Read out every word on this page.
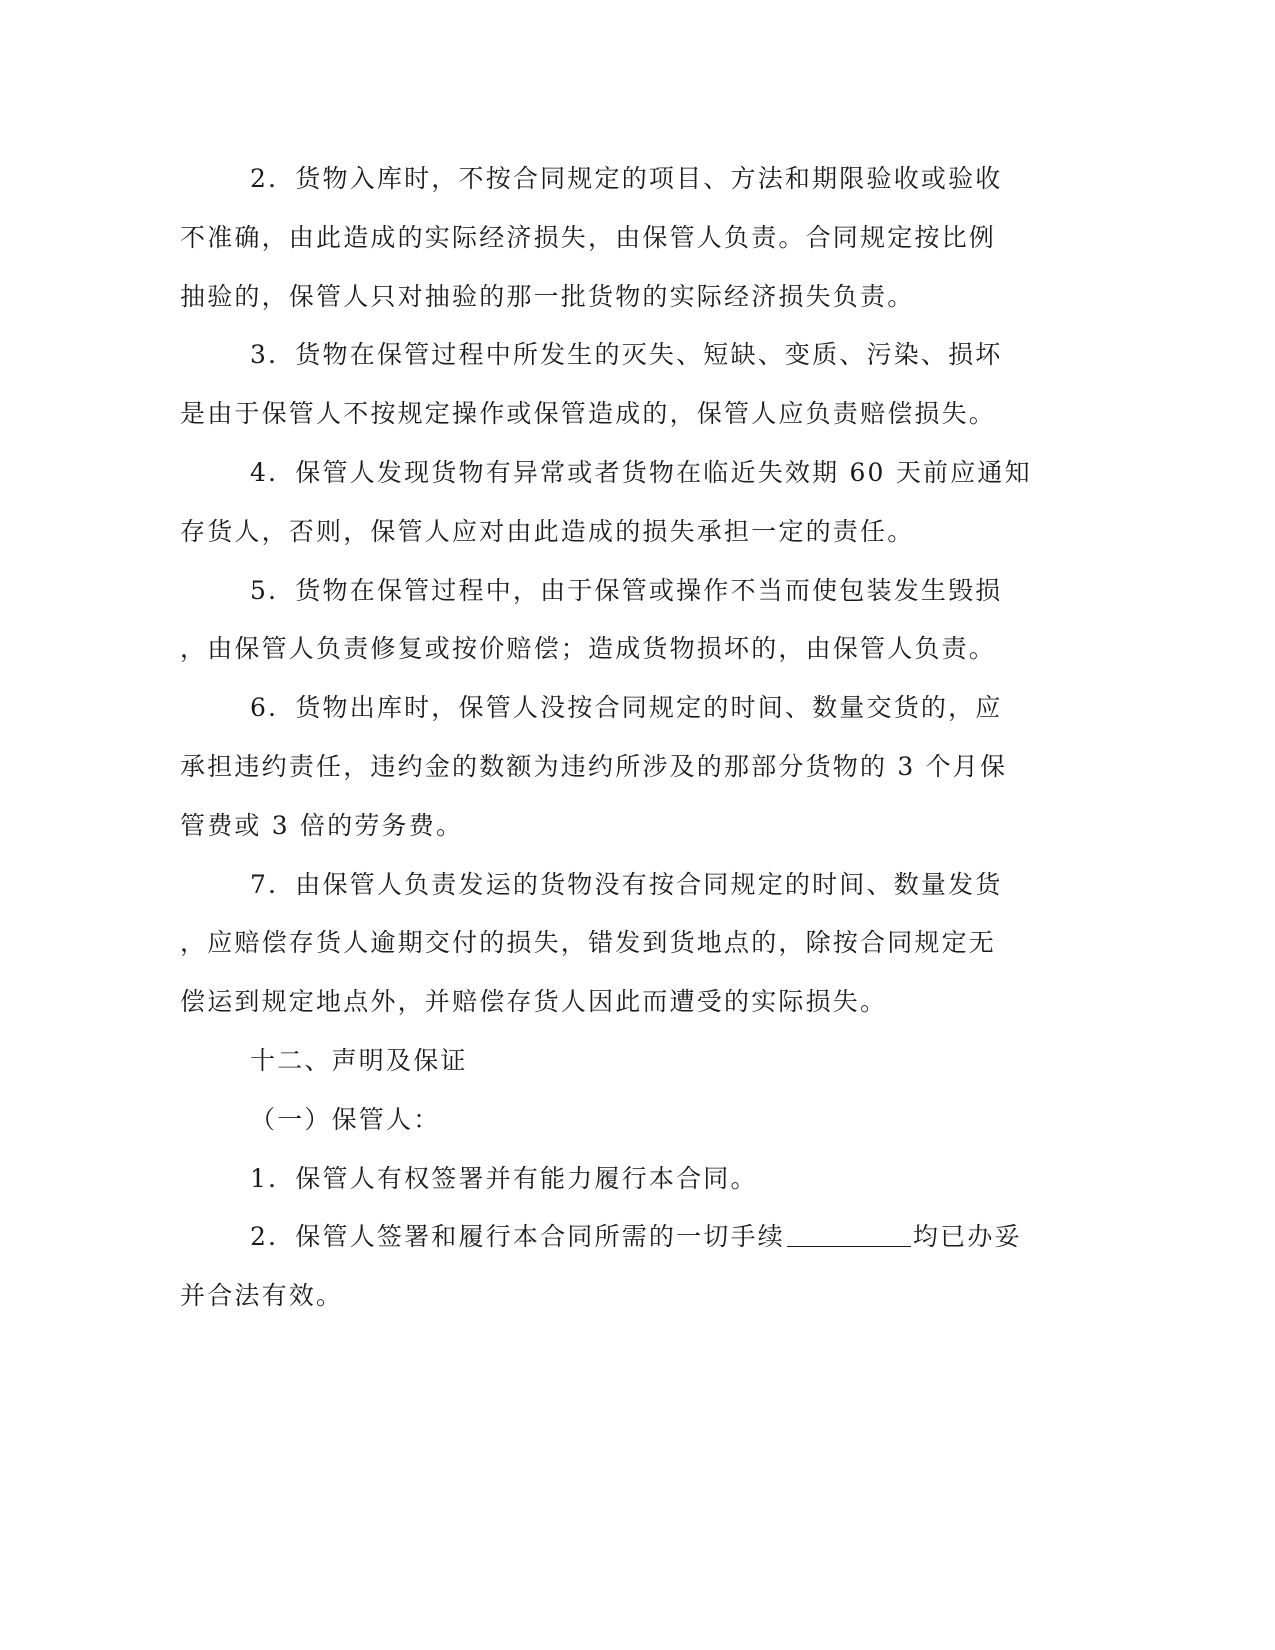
2．货物入库时，不按合同规定的项目、方法和期限验收或验收
不准确，由此造成的实际经济损失，由保管人负责。合同规定按比例
抽验的，保管人只对抽验的那一批货物的实际经济损失负责。
3．货物在保管过程中所发生的灭失、短缺、变质、污染、损坏
是由于保管人不按规定操作或保管造成的，保管人应负责赔偿损失。
4．保管人发现货物有异常或者货物在临近失效期 60 天前应通知
存货人，否则，保管人应对由此造成的损失承担一定的责任。
5．货物在保管过程中，由于保管或操作不当而使包装发生毁损
，由保管人负责修复或按价赔偿；造成货物损坏的，由保管人负责。
6．货物出库时，保管人没按合同规定的时间、数量交货的，应
承担违约责任，违约金的数额为违约所涉及的那部分货物的 3 个月保
管费或 3 倍的劳务费。
7．由保管人负责发运的货物没有按合同规定的时间、数量发货
，应赔偿存货人逾期交付的损失，错发到货地点的，除按合同规定无
偿运到规定地点外，并赔偿存货人因此而遭受的实际损失。
十二、声明及保证
（一）保管人：
1．保管人有权签署并有能力履行本合同。
2．保管人签署和履行本合同所需的一切手续	均已办妥
并合法有效。
